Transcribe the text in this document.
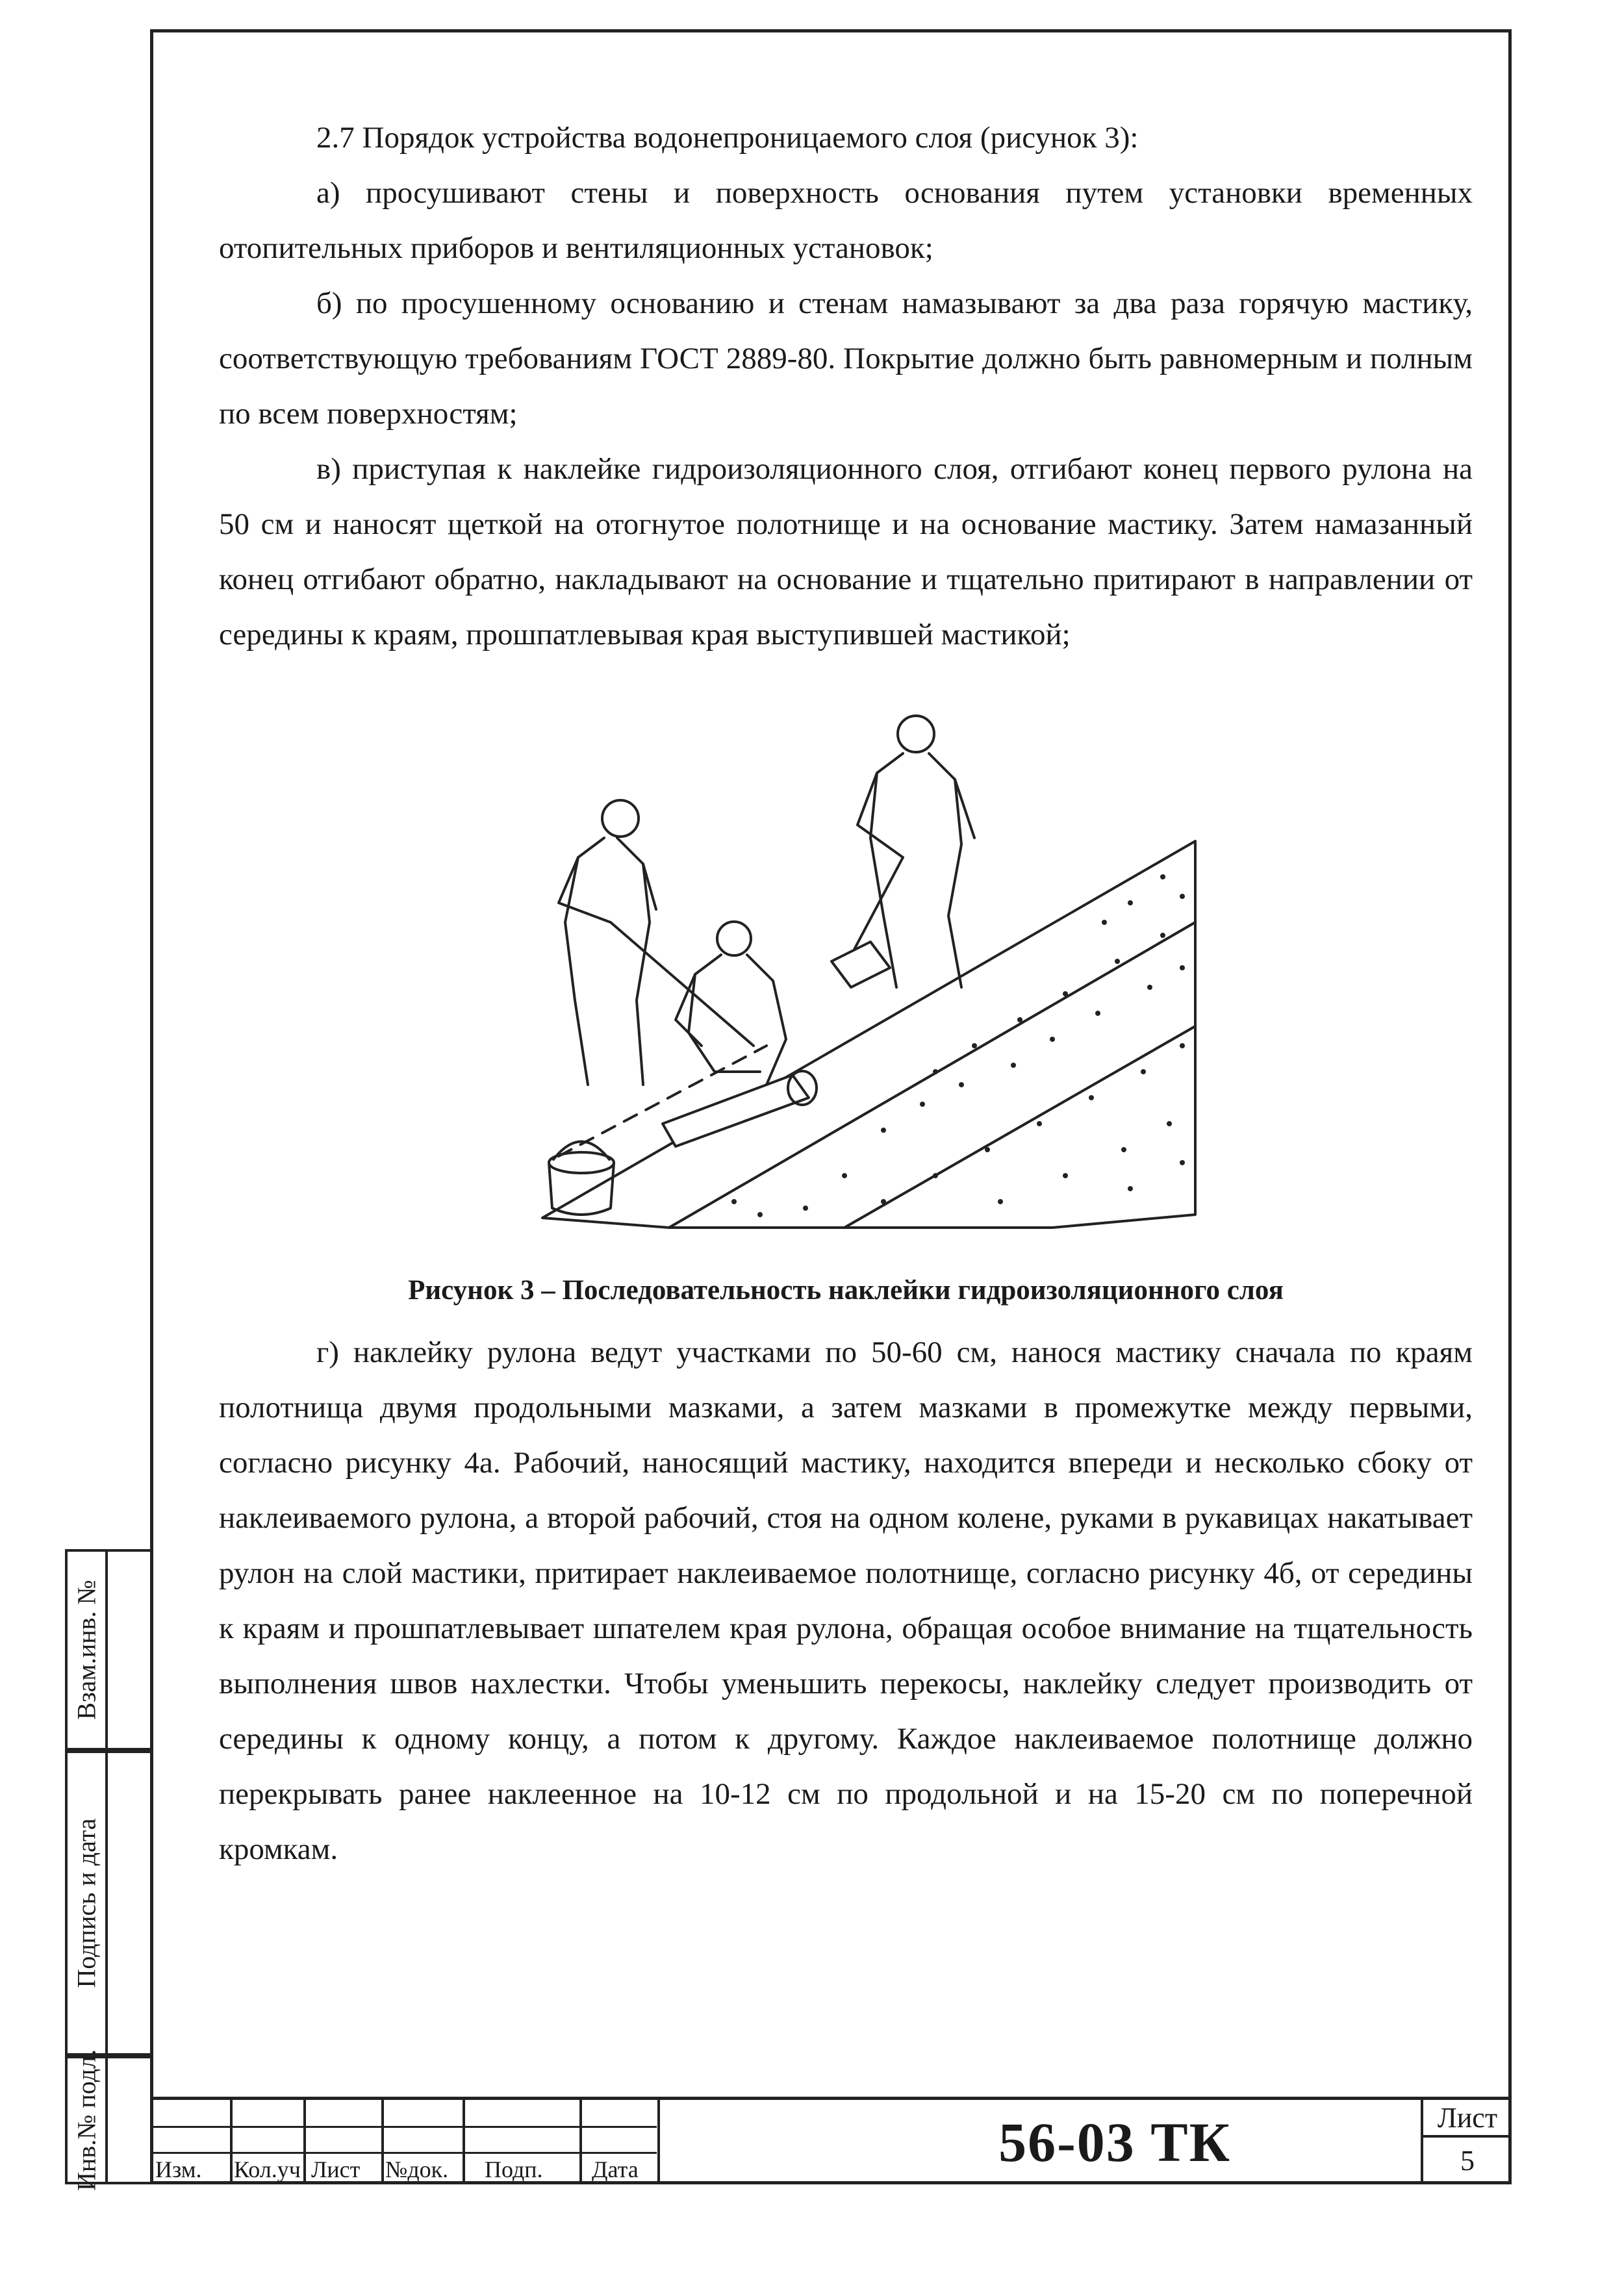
2.7 Порядок устройства водонепроницаемого слоя (рисунок 3):

а) просушивают стены и поверхность основания путем установки временных отопительных приборов и вентиляционных установок;

б) по просушенному основанию и стенам намазывают за два раза горячую мастику, соответствующую требованиям ГОСТ 2889-80. Покрытие должно быть равномерным и полным по всем поверхностям;

в) приступая к наклейке гидроизоляционного слоя, отгибают конец первого рулона на 50 см и наносят щеткой на отогнутое полотнище и на основание мастику. Затем намазанный конец отгибают обратно, накладывают на основание и тщательно притирают в направлении от середины к краям, прошпатлевывая края выступившей мастикой;

Рисунок 3 – Последовательность наклейки гидроизоляционного слоя

г) наклейку рулона ведут участками по 50-60 см, нанося мастику сначала по краям полотнища двумя продольными мазками, а затем мазками в промежутке между первыми, согласно рисунку 4а. Рабочий, наносящий мастику, находится впереди и несколько сбоку от наклеиваемого рулона, а второй рабочий, стоя на одном колене, руками в рукавицах накатывает рулон на слой мастики, притирает наклеиваемое полотнище, согласно рисунку 4б, от середины к краям и прошпатлевывает шпателем края рулона, обращая особое внимание на тщательность выполнения швов нахлестки. Чтобы уменьшить перекосы, наклейку следует производить от середины к одному концу, а потом к другому. Каждое наклеиваемое полотнище должно перекрывать ранее наклеенное на 10-12 см по продольной и на 15-20 см по поперечной кромкам.

Взам.инв. №
Подпись и дата
Инв.№ подл. Изм. Кол.уч Лист №док. Подп. Дата	56-03 ТК	Лист
5
